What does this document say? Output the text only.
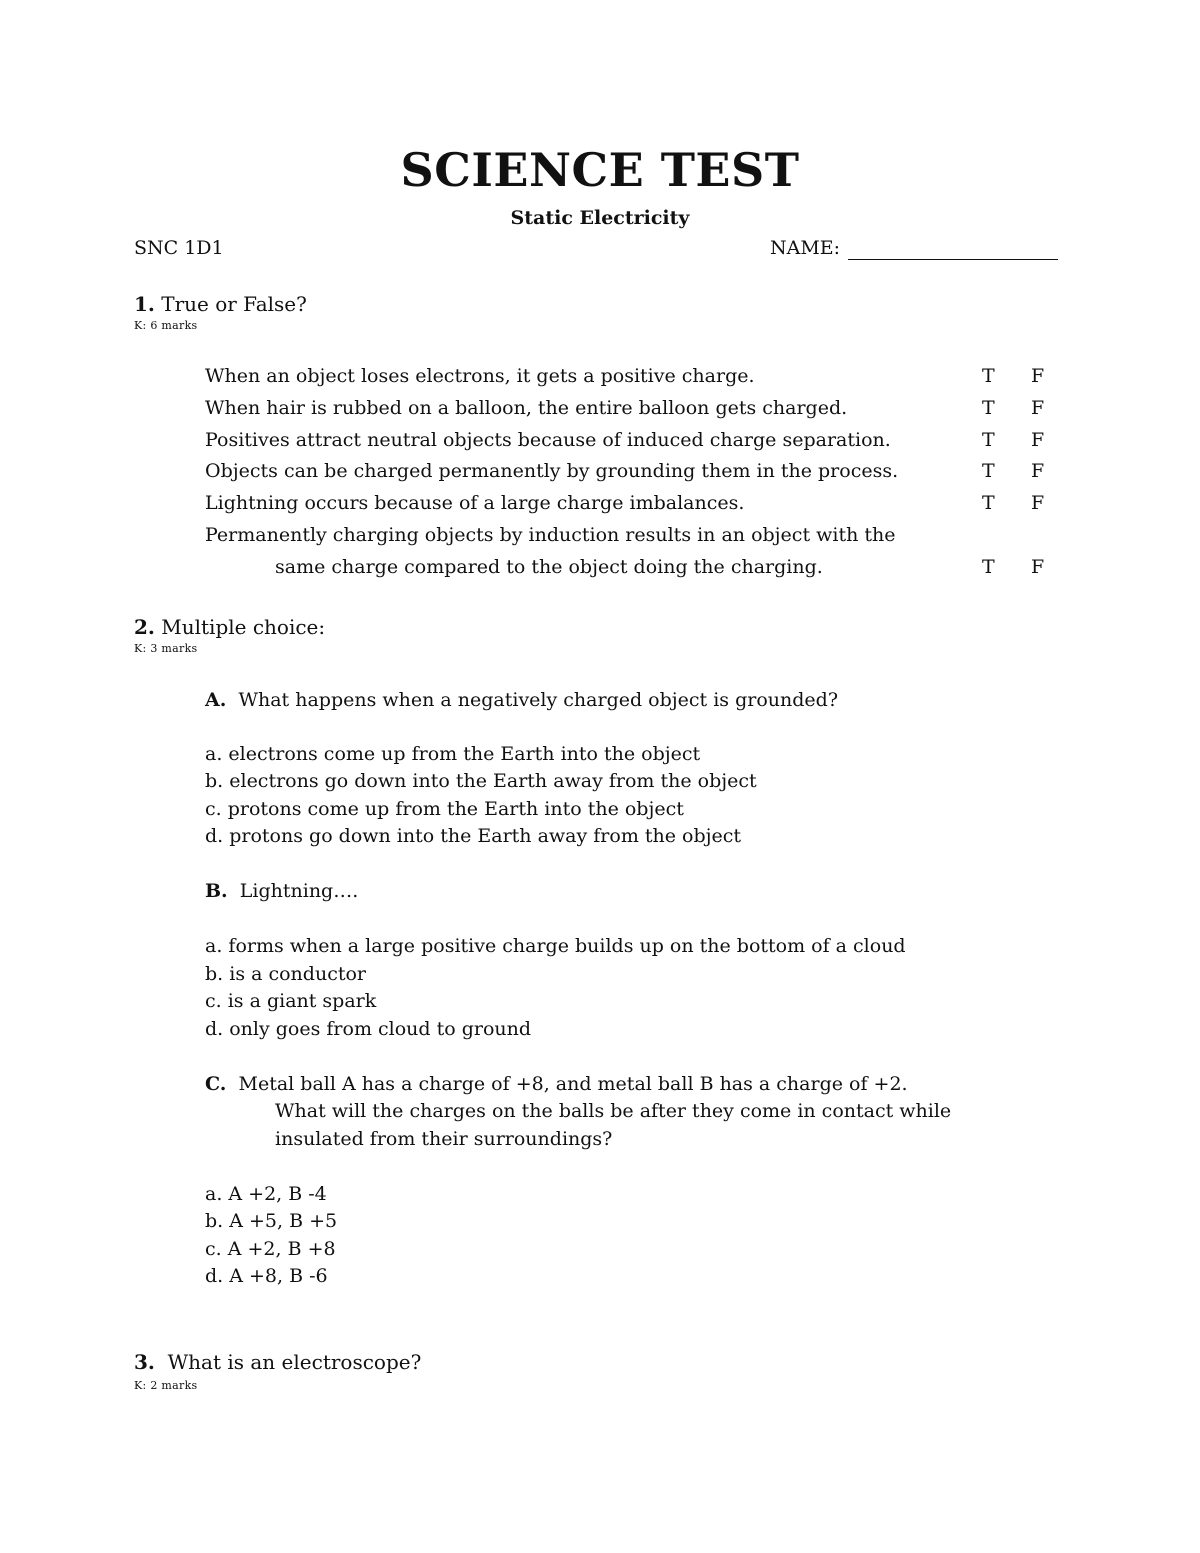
SCIENCE TEST
Static Electricity
SNC 1D1	NAME:
1. True or False?
K: 6 marks
When an object loses electrons, it gets a positive charge.	T F
When hair is rubbed on a balloon, the entire balloon gets charged.	T F
Positives attract neutral objects because of induced charge separation.	T F
Objects can be charged permanently by grounding them in the process.	T F
Lightning occurs because of a large charge imbalances.	T F
Permanently charging objects by induction results in an object with the
same charge compared to the object doing the charging.	T F
2. Multiple choice:
K: 3 marks
A. What happens when a negatively charged object is grounded?
a. electrons come up from the Earth into the object
b. electrons go down into the Earth away from the object
c. protons come up from the Earth into the object
d. protons go down into the Earth away from the object
B. Lightning….
a. forms when a large positive charge builds up on the bottom of a cloud
b. is a conductor
c. is a giant spark
d. only goes from cloud to ground
C. Metal ball A has a charge of +8, and metal ball B has a charge of +2.
What will the charges on the balls be after they come in contact while
insulated from their surroundings?
a. A +2, B -4
b. A +5, B +5
c. A +2, B +8
d. A +8, B -6
3. What is an electroscope?
K: 2 marks
